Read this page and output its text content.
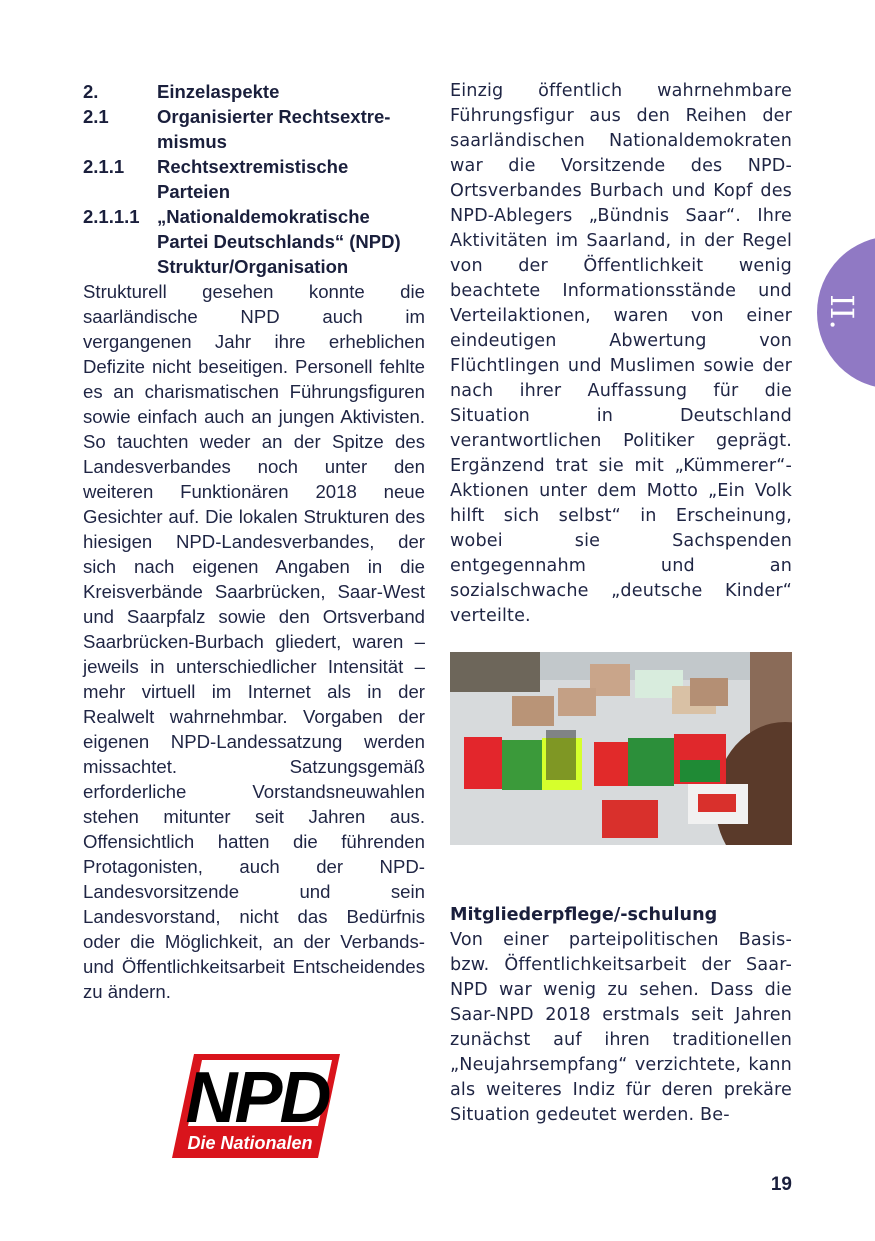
2.	Einzelaspekte
2.1	Organisierter Rechtsextre-
mismus
2.1.1	Rechtsextremistische
Parteien
2.1.1.1 „Nationaldemokratische
Partei Deutschlands“ (NPD)
Struktur/Organisation

Strukturell gesehen konnte die saarländische NPD auch im vergangenen Jahr ihre erheblichen Defizite nicht beseitigen. Personell fehlte es an charismatischen Führungsfiguren sowie einfach auch an jungen Aktivisten. So tauchten weder an der Spitze des Landesverbandes noch unter den weiteren Funktionären 2018 neue Gesichter auf. Die lokalen Strukturen des hiesigen NPD-Landesverbandes, der sich nach eigenen Angaben in die Kreisverbände Saarbrücken, Saar-West und Saarpfalz sowie den Ortsverband Saarbrücken-Burbach gliedert, waren – jeweils in unterschiedlicher Intensität – mehr virtuell im Internet als in der Realwelt wahrnehmbar. Vorgaben der eigenen NPD-Landessatzung werden missachtet. Satzungsgemäß erforderliche Vorstandsneuwahlen stehen mitunter seit Jahren aus. Offensichtlich hatten die führenden Protagonisten, auch der NPD-Landesvorsitzende und sein Landesvorstand, nicht das Bedürfnis oder die Möglichkeit, an der Verbands- und Öffentlichkeitsarbeit Entscheidendes zu ändern.

Einzig öffentlich wahrnehmbare Führungsfigur aus den Reihen der saarländischen Nationaldemokraten war die Vorsitzende des NPD-Ortsverbandes Burbach und Kopf des NPD-Ablegers „Bündnis Saar“. Ihre Aktivitäten im Saarland, in der Regel von der Öffentlichkeit wenig beachtete Informationsstände und Verteilaktionen, waren von einer eindeutigen Abwertung von Flüchtlingen und Muslimen sowie der nach ihrer Auffassung für die Situation in Deutschland verantwortlichen Politiker geprägt. Ergänzend trat sie mit „Kümmerer“-Aktionen unter dem Motto „Ein Volk hilft sich selbst“ in Erscheinung, wobei sie Sachspenden entgegennahm und an sozialschwache „deutsche Kinder“ verteilte.

Mitgliederpflege/-schulung

Von einer parteipolitischen Basis- bzw. Öffentlichkeitsarbeit der Saar-NPD war wenig zu sehen. Dass die Saar-NPD 2018 erstmals seit Jahren zunächst auf ihren traditionellen „Neujahrsempfang“ verzichtete, kann als weiteres Indiz für deren prekäre Situation gedeutet werden. Be-

II.
NPD
Die Nationalen
19
